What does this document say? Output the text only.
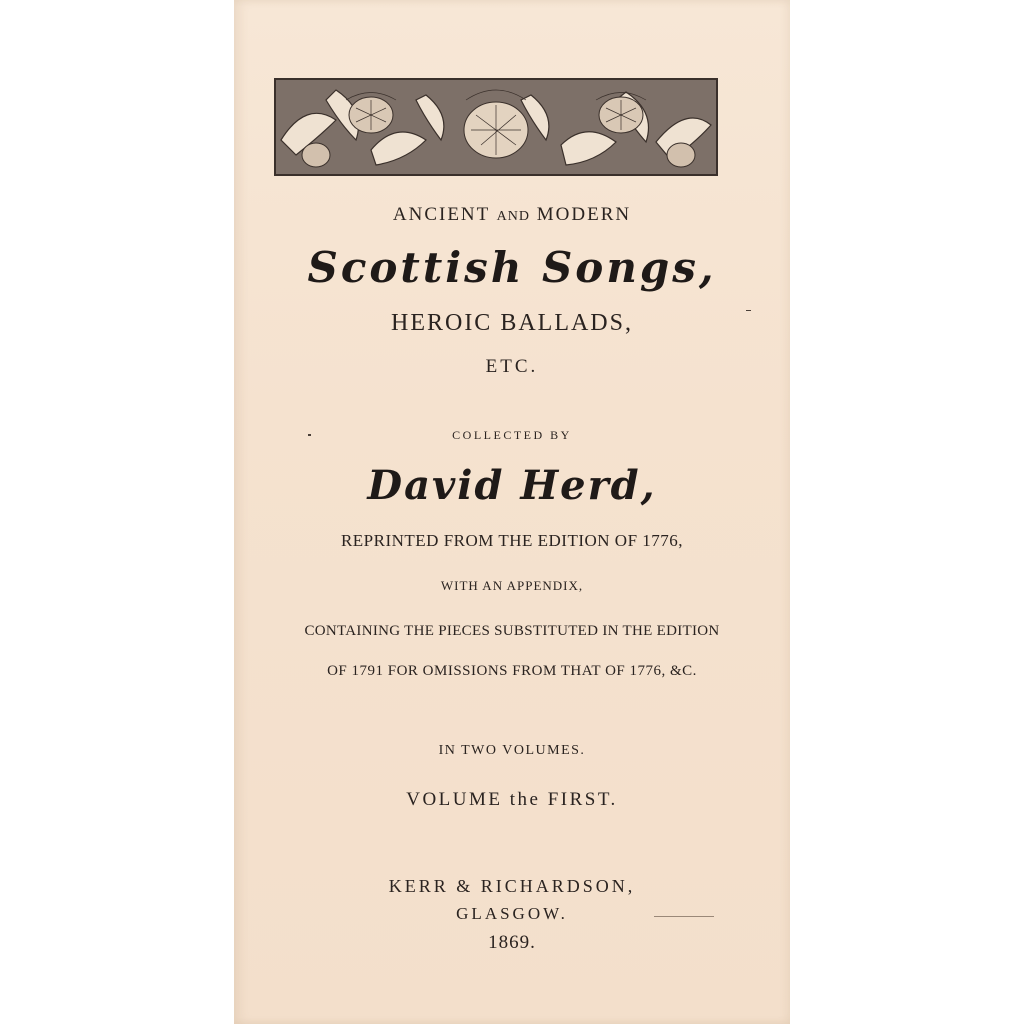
ANCIENT AND MODERN
Scottish Songs,
HEROIC BALLADS,
ETC.
COLLECTED BY
David Herd,
REPRINTED FROM THE EDITION OF 1776,
WITH AN APPENDIX,
CONTAINING THE PIECES SUBSTITUTED IN THE EDITION
OF 1791 FOR OMISSIONS FROM THAT OF 1776, &C.
IN TWO VOLUMES.
VOLUME the FIRST.
KERR & RICHARDSON,
GLASGOW.
1869.
